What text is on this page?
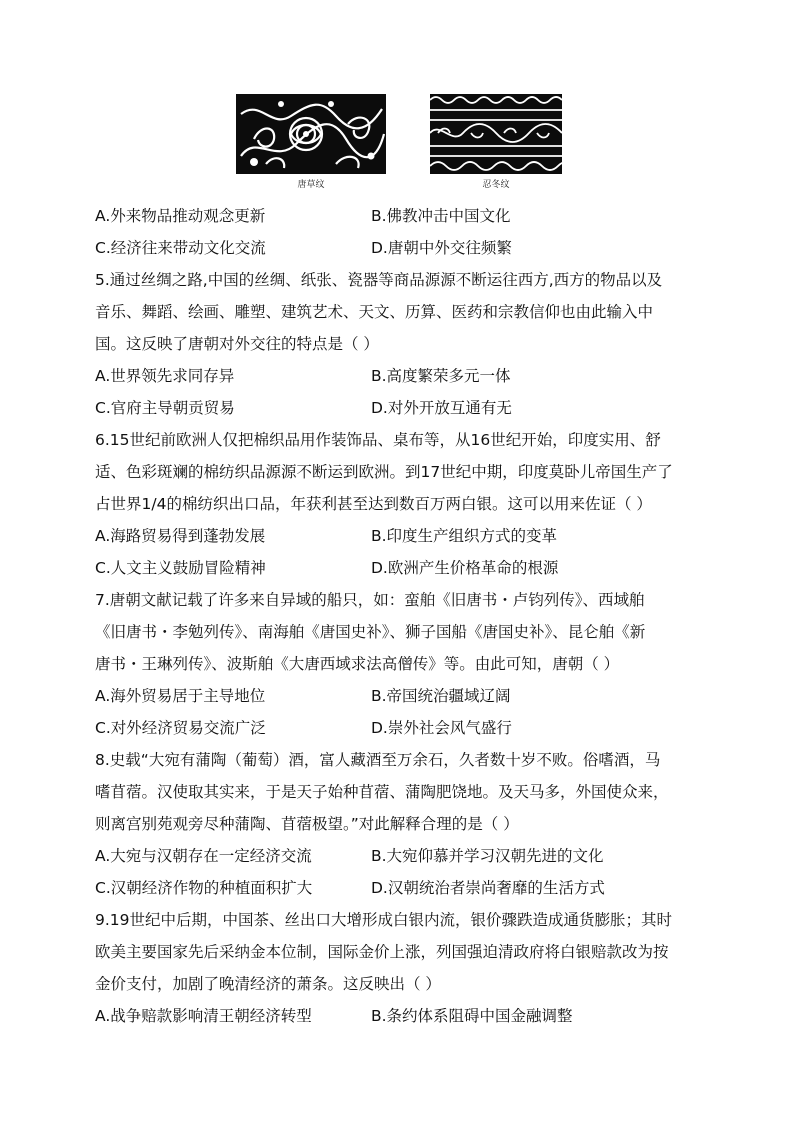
唐草纹	忍冬纹
A.外来物品推动观念更新	B.佛教冲击中国文化
C.经济往来带动文化交流	D.唐朝中外交往频繁
5.通过丝绸之路,中国的丝绸、纸张、瓷器等商品源源不断运往西方,西方的物品以及
音乐、舞蹈、绘画、雕塑、建筑艺术、天文、历算、医药和宗教信仰也由此输入中
国。这反映了唐朝对外交往的特点是（ ）
A.世界领先求同存异	B.高度繁荣多元一体
C.官府主导朝贡贸易	D.对外开放互通有无
6.15世纪前欧洲人仅把棉织品用作装饰品、桌布等，从16世纪开始，印度实用、舒
适、色彩斑斓的棉纺织品源源不断运到欧洲。到17世纪中期，印度莫卧儿帝国生产了
占世界1/4的棉纺织出口品，年获利甚至达到数百万两白银。这可以用来佐证（ ）
A.海路贸易得到蓬勃发展	B.印度生产组织方式的变革
C.人文主义鼓励冒险精神	D.欧洲产生价格革命的根源
7.唐朝文献记载了许多来自异域的船只，如：蛮舶《旧唐书・卢钧列传》、西域舶
《旧唐书・李勉列传》、南海舶《唐国史补》、狮子国船《唐国史补》、昆仑舶《新
唐书・王琳列传》、波斯舶《大唐西域求法高僧传》等。由此可知，唐朝（ ）
A.海外贸易居于主导地位	B.帝国统治疆域辽阔
C.对外经济贸易交流广泛	D.崇外社会风气盛行
8.史载“大宛有蒲陶（葡萄）酒，富人藏酒至万余石，久者数十岁不败。俗嗜酒，马
嗜苜蓿。汉使取其实来，于是天子始种苜蓿、蒲陶肥饶地。及天马多，外国使众来，
则离宫别苑观旁尽种蒲陶、苜蓿极望。”对此解释合理的是（ ）
A.大宛与汉朝存在一定经济交流	B.大宛仰慕并学习汉朝先进的文化
C.汉朝经济作物的种植面积扩大	D.汉朝统治者崇尚奢靡的生活方式
9.19世纪中后期，中国茶、丝出口大增形成白银内流，银价骤跌造成通货膨胀；其时
欧美主要国家先后采纳金本位制，国际金价上涨，列国强迫清政府将白银赔款改为按
金价支付，加剧了晚清经济的萧条。这反映出（ ）
A.战争赔款影响清王朝经济转型	B.条约体系阻碍中国金融调整
